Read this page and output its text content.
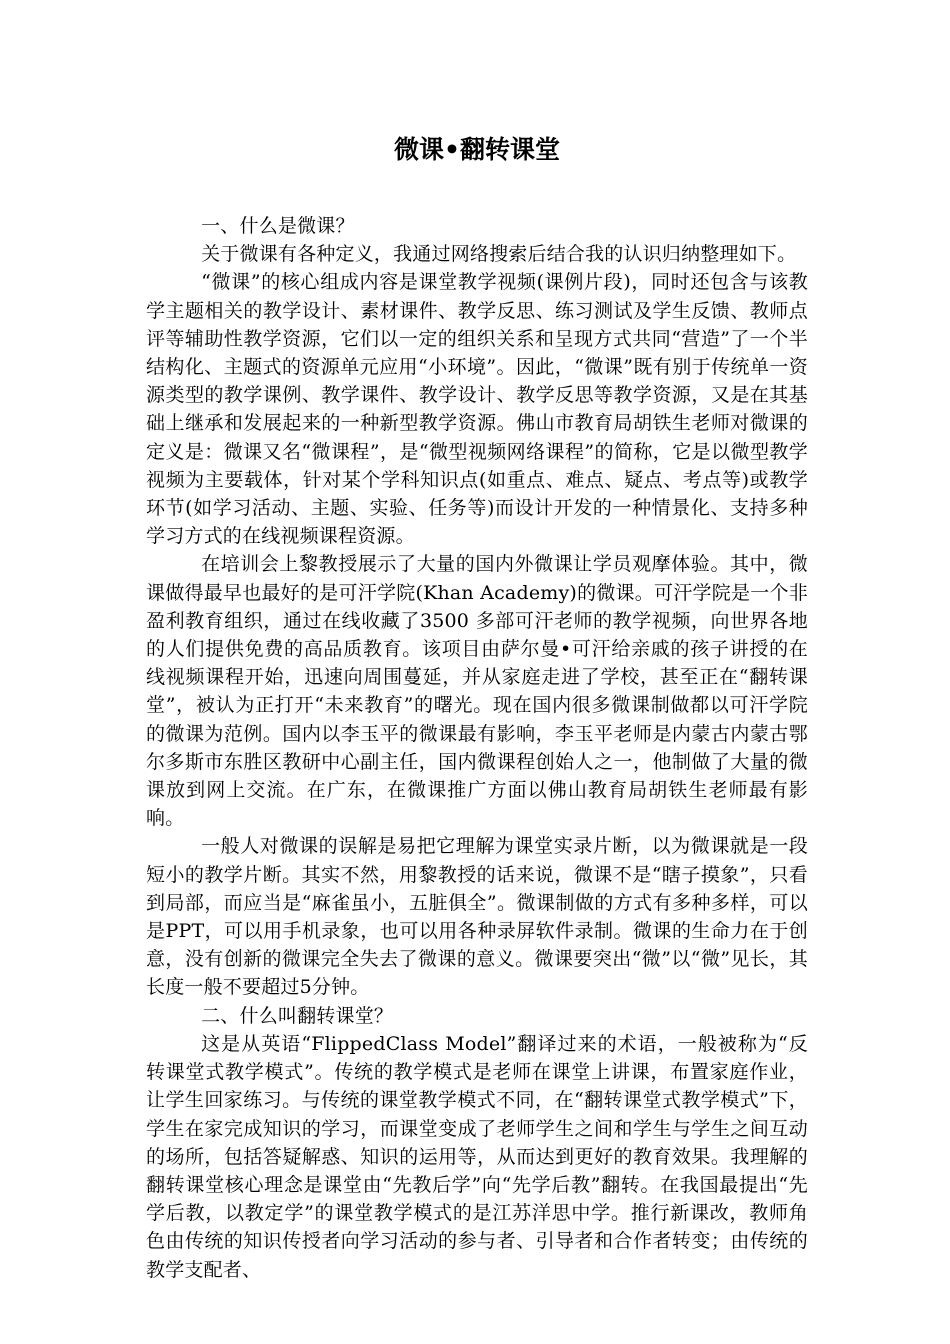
微课•翻转课堂

一、什么是微课？

关于微课有各种定义，我通过网络搜索后结合我的认识归纳整理如下。

“微课”的核心组成内容是课堂教学视频(课例片段)，同时还包含与该教学主题相关的教学设计、素材课件、教学反思、练习测试及学生反馈、教师点评等辅助性教学资源，它们以一定的组织关系和呈现方式共同“营造”了一个半结构化、主题式的资源单元应用“小环境”。因此，“微课”既有别于传统单一资源类型的教学课例、教学课件、教学设计、教学反思等教学资源，又是在其基础上继承和发展起来的一种新型教学资源。佛山市教育局胡铁生老师对微课的定义是：微课又名“微课程”，是“微型视频网络课程”的简称，它是以微型教学视频为主要载体，针对某个学科知识点(如重点、难点、疑点、考点等)或教学环节(如学习活动、主题、实验、任务等)而设计开发的一种情景化、支持多种学习方式的在线视频课程资源。

在培训会上黎教授展示了大量的国内外微课让学员观摩体验。其中，微课做得最早也最好的是可汗学院(Khan Academy)的微课。可汗学院是一个非盈利教育组织，通过在线收藏了3500 多部可汗老师的教学视频，向世界各地的人们提供免费的高品质教育。该项目由萨尔曼•可汗给亲戚的孩子讲授的在线视频课程开始，迅速向周围蔓延，并从家庭走进了学校，甚至正在“翻转课堂”，被认为正打开“未来教育”的曙光。现在国内很多微课制做都以可汗学院的微课为范例。国内以李玉平的微课最有影响，李玉平老师是内蒙古内蒙古鄂尔多斯市东胜区教研中心副主任，国内微课程创始人之一，他制做了大量的微课放到网上交流。在广东，在微课推广方面以佛山教育局胡铁生老师最有影响。

一般人对微课的误解是易把它理解为课堂实录片断，以为微课就是一段短小的教学片断。其实不然，用黎教授的话来说，微课不是“瞎子摸象”，只看到局部，而应当是“麻雀虽小，五脏俱全”。微课制做的方式有多种多样，可以是PPT，可以用手机录象，也可以用各种录屏软件录制。微课的生命力在于创意，没有创新的微课完全失去了微课的意义。微课要突出“微”以“微”见长，其长度一般不要超过5分钟。

二、什么叫翻转课堂？

这是从英语“FlippedClass Model”翻译过来的术语，一般被称为“反转课堂式教学模式”。传统的教学模式是老师在课堂上讲课，布置家庭作业，让学生回家练习。与传统的课堂教学模式不同，在“翻转课堂式教学模式”下，学生在家完成知识的学习，而课堂变成了老师学生之间和学生与学生之间互动的场所，包括答疑解惑、知识的运用等，从而达到更好的教育效果。我理解的翻转课堂核心理念是课堂由“先教后学”向“先学后教”翻转。在我国最提出“先学后教，以教定学”的课堂教学模式的是江苏洋思中学。推行新课改，教师角色由传统的知识传授者向学习活动的参与者、引导者和合作者转变；由传统的教学支配者、
